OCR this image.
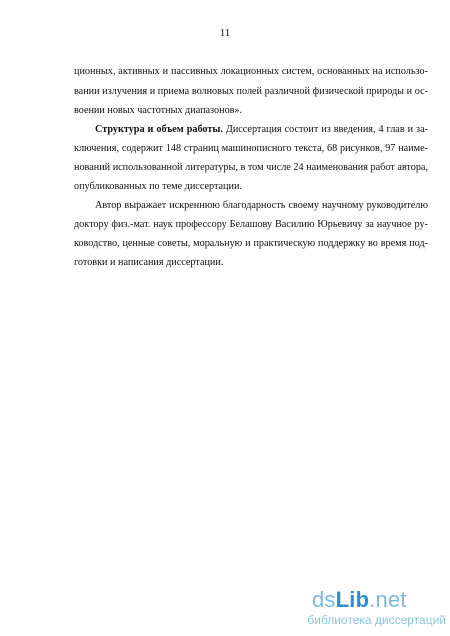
11
ционных, активных и пассивных локационных систем, основанных на использо-
вании излучения и приема волновых полей различной физической природы и ос-
воении новых частотных диапазонов».
Структура и объем работы. Диссертация состоит из введения, 4 глав и за-
ключения, содержит 148 страниц машинописного текста, 68 рисунков, 97 наиме-
нований использованной литературы, в том числе 24 наименования работ автора,
опубликованных по теме диссертации.
Автор выражает искреннюю благодарность своему научному руководителю
доктору физ.-мат. наук профессору Белашову Василию Юрьевичу за научное ру-
ководство, ценные советы, моральную и практическую поддержку во время под-
готовки и написания диссертации.
dsLib.net
библиотека диссертаций
